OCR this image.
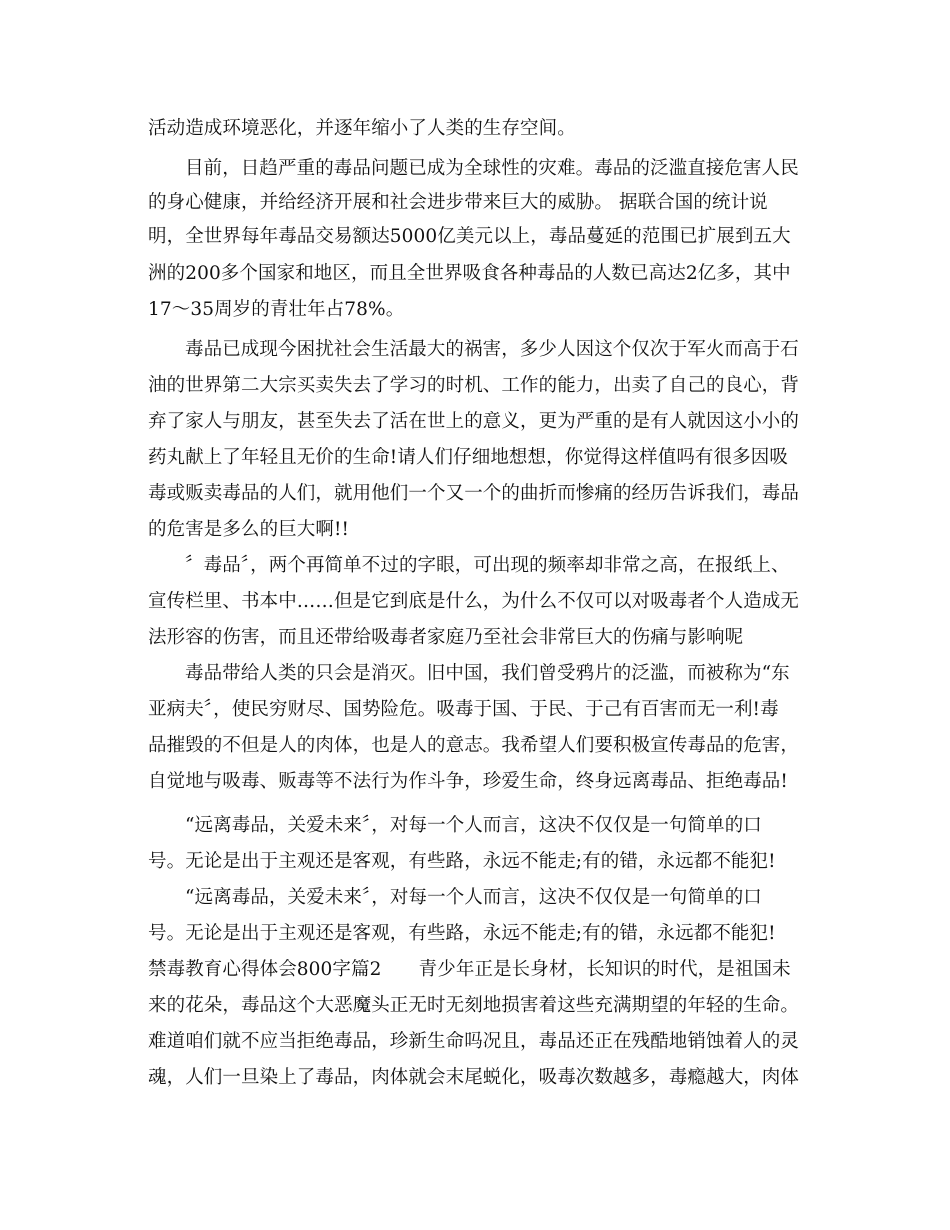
活动造成环境恶化，并逐年缩小了人类的生存空间。
目前，日趋严重的毒品问题已成为全球性的灾难。毒品的泛滥直接危害人民
的身心健康，并给经济开展和社会进步带来巨大的威胁。 据联合国的统计说
明，全世界每年毒品交易额达5000亿美元以上，毒品蔓延的范围已扩展到五大
洲的200多个国家和地区，而且全世界吸食各种毒品的人数已高达2亿多，其中
17～35周岁的青壮年占78%。
毒品已成现今困扰社会生活最大的祸害，多少人因这个仅次于军火而高于石
油的世界第二大宗买卖失去了学习的时机、工作的能力，出卖了自己的良心，背
弃了家人与朋友，甚至失去了活在世上的意义，更为严重的是有人就因这小小的
药丸献上了年轻且无价的生命!请人们仔细地想想，你觉得这样值吗有很多因吸
毒或贩卖毒品的人们，就用他们一个又一个的曲折而惨痛的经历告诉我们，毒品
的危害是多么的巨大啊!!
〞毒品〞，两个再简单不过的字眼，可出现的频率却非常之高，在报纸上、
宣传栏里、书本中……但是它到底是什么，为什么不仅可以对吸毒者个人造成无
法形容的伤害，而且还带给吸毒者家庭乃至社会非常巨大的伤痛与影响呢
毒品带给人类的只会是消灭。旧中国，我们曾受鸦片的泛滥，而被称为“东
亚病夫〞，使民穷财尽、国势险危。吸毒于国、于民、于己有百害而无一利!毒
品摧毁的不但是人的肉体，也是人的意志。我希望人们要积极宣传毒品的危害，
自觉地与吸毒、贩毒等不法行为作斗争，珍爱生命，终身远离毒品、拒绝毒品!
“远离毒品，关爱未来〞，对每一个人而言，这决不仅仅是一句简单的口
号。无论是出于主观还是客观，有些路，永远不能走;有的错，永远都不能犯!
“远离毒品，关爱未来〞，对每一个人而言，这决不仅仅是一句简单的口
号。无论是出于主观还是客观，有些路，永远不能走;有的错，永远都不能犯!
禁毒教育心得体会800字篇2　　青少年正是长身材，长知识的时代，是祖国未
来的花朵，毒品这个大恶魔头正无时无刻地损害着这些充满期望的年轻的生命。
难道咱们就不应当拒绝毒品，珍新生命吗况且，毒品还正在残酷地销蚀着人的灵
魂，人们一旦染上了毒品，肉体就会末尾蜕化，吸毒次数越多，毒瘾越大，肉体
